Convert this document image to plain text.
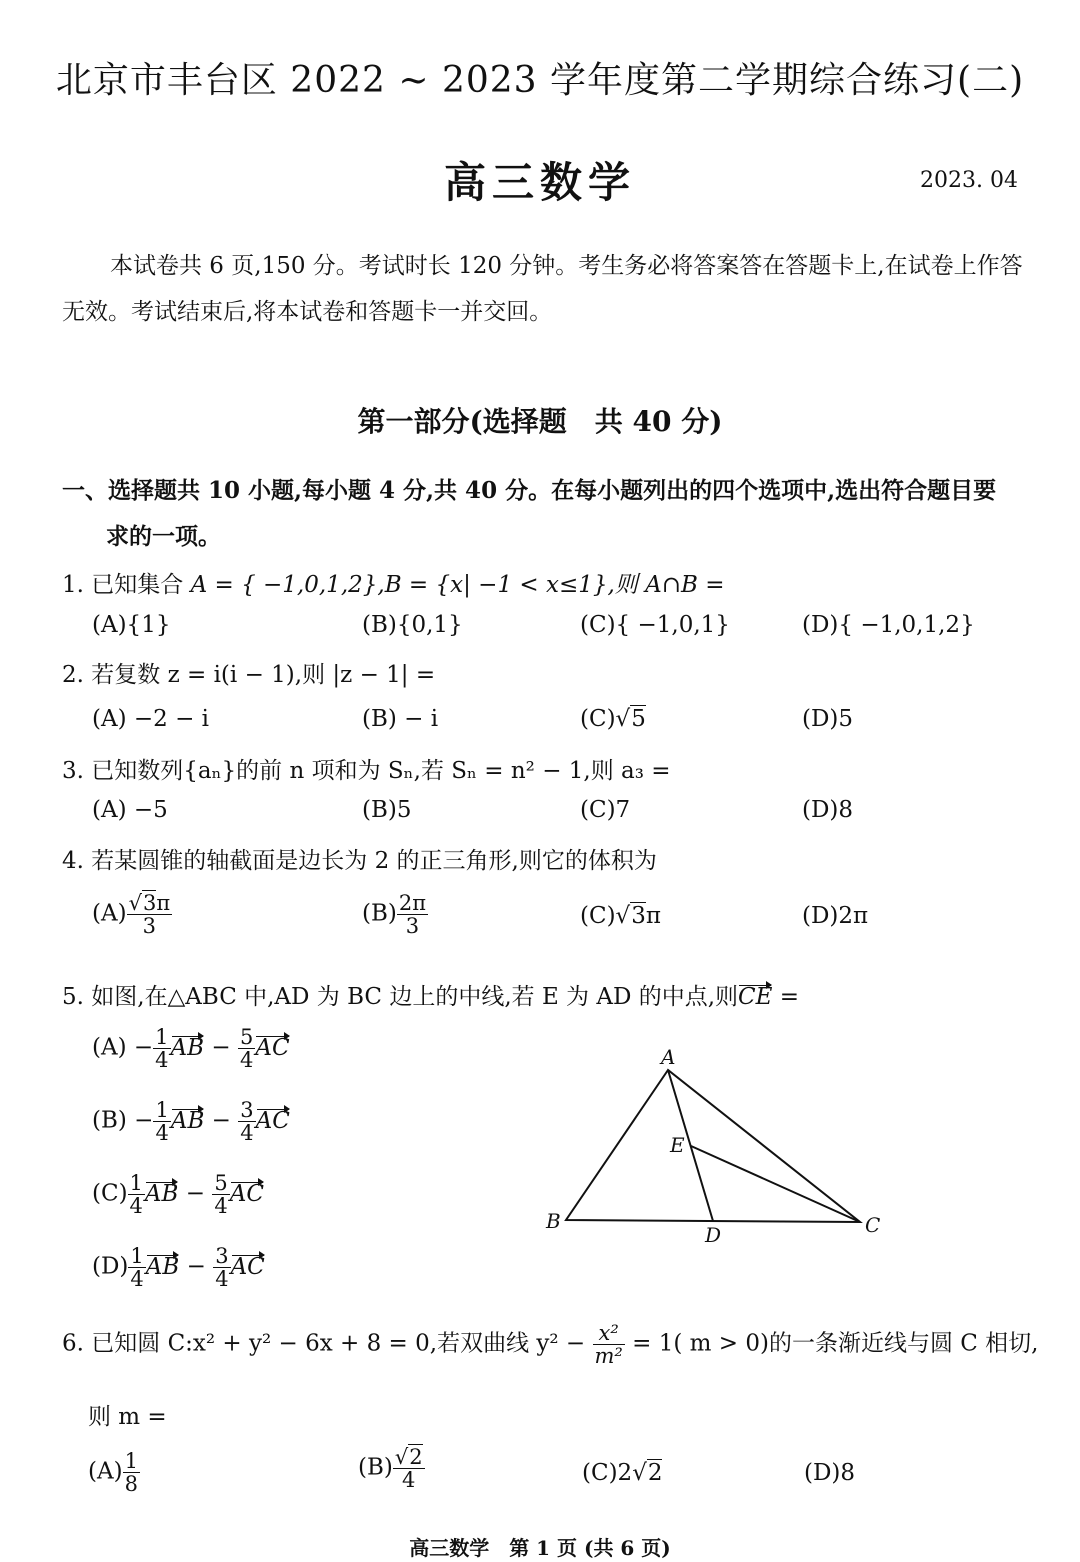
北京市丰台区 2022 ~ 2023 学年度第二学期综合练习(二)
高三数学	2023. 04
本试卷共 6 页,150 分。考试时长 120 分钟。考生务必将答案答在答题卡上,在试卷上作答无效。考试结束后,将本试卷和答题卡一并交回。
第一部分(选择题　共 40 分)
一、选择题共 10 小题,每小题 4 分,共 40 分。在每小题列出的四个选项中,选出符合题目要
求的一项。
1. 已知集合 A = { −1,0,1,2},B = {x| −1 < x≤1},则 A∩B =
(A){1}	(B){0,1}	(C){ −1,0,1}	(D){ −1,0,1,2}
2. 若复数 z = i(i − 1),则 |z − 1| =
(A) −2 − i	(B) − i	(C)√5	(D)5
3. 已知数列{aₙ}的前 n 项和为 Sₙ,若 Sₙ = n² − 1,则 a₃ =
(A) −5	(B)5	(C)7	(D)8
4. 若某圆锥的轴截面是边长为 2 的正三角形,则它的体积为
$(A) \frac{√3\pi}{3}$	$(B) \frac{2\pi}{3}$	(C)√3π	(D)2π
5. 如图,在△ABC 中,AD 为 BC 边上的中线,若 E 为 AD 的中点,则CE =
$(A) - \frac{1}{4}$ AB − $\frac{5}{4}$ AC
$(B) - \frac{1}{4}$ AB − $\frac{3}{4}$ AC
$(C) \frac{1}{4}$ AB − $\frac{5}{4}$ AC
$(D) \frac{1}{4}$ AB − $\frac{3}{4}$ AC
A
B	C
D
E
6. 已知圆 C:x² + y² − 6x + 8 = 0,若双曲线 $y^2 - \frac{\text{x²}}{\text{m²}} = 1$( m > 0)的一条渐近线与圆 C 相切,
则 m =
$(A) \frac{1}{8}$	$(B) \frac{√2}{4}$	(C)2√2	(D)8
高三数学　第 1 页 (共 6 页)
